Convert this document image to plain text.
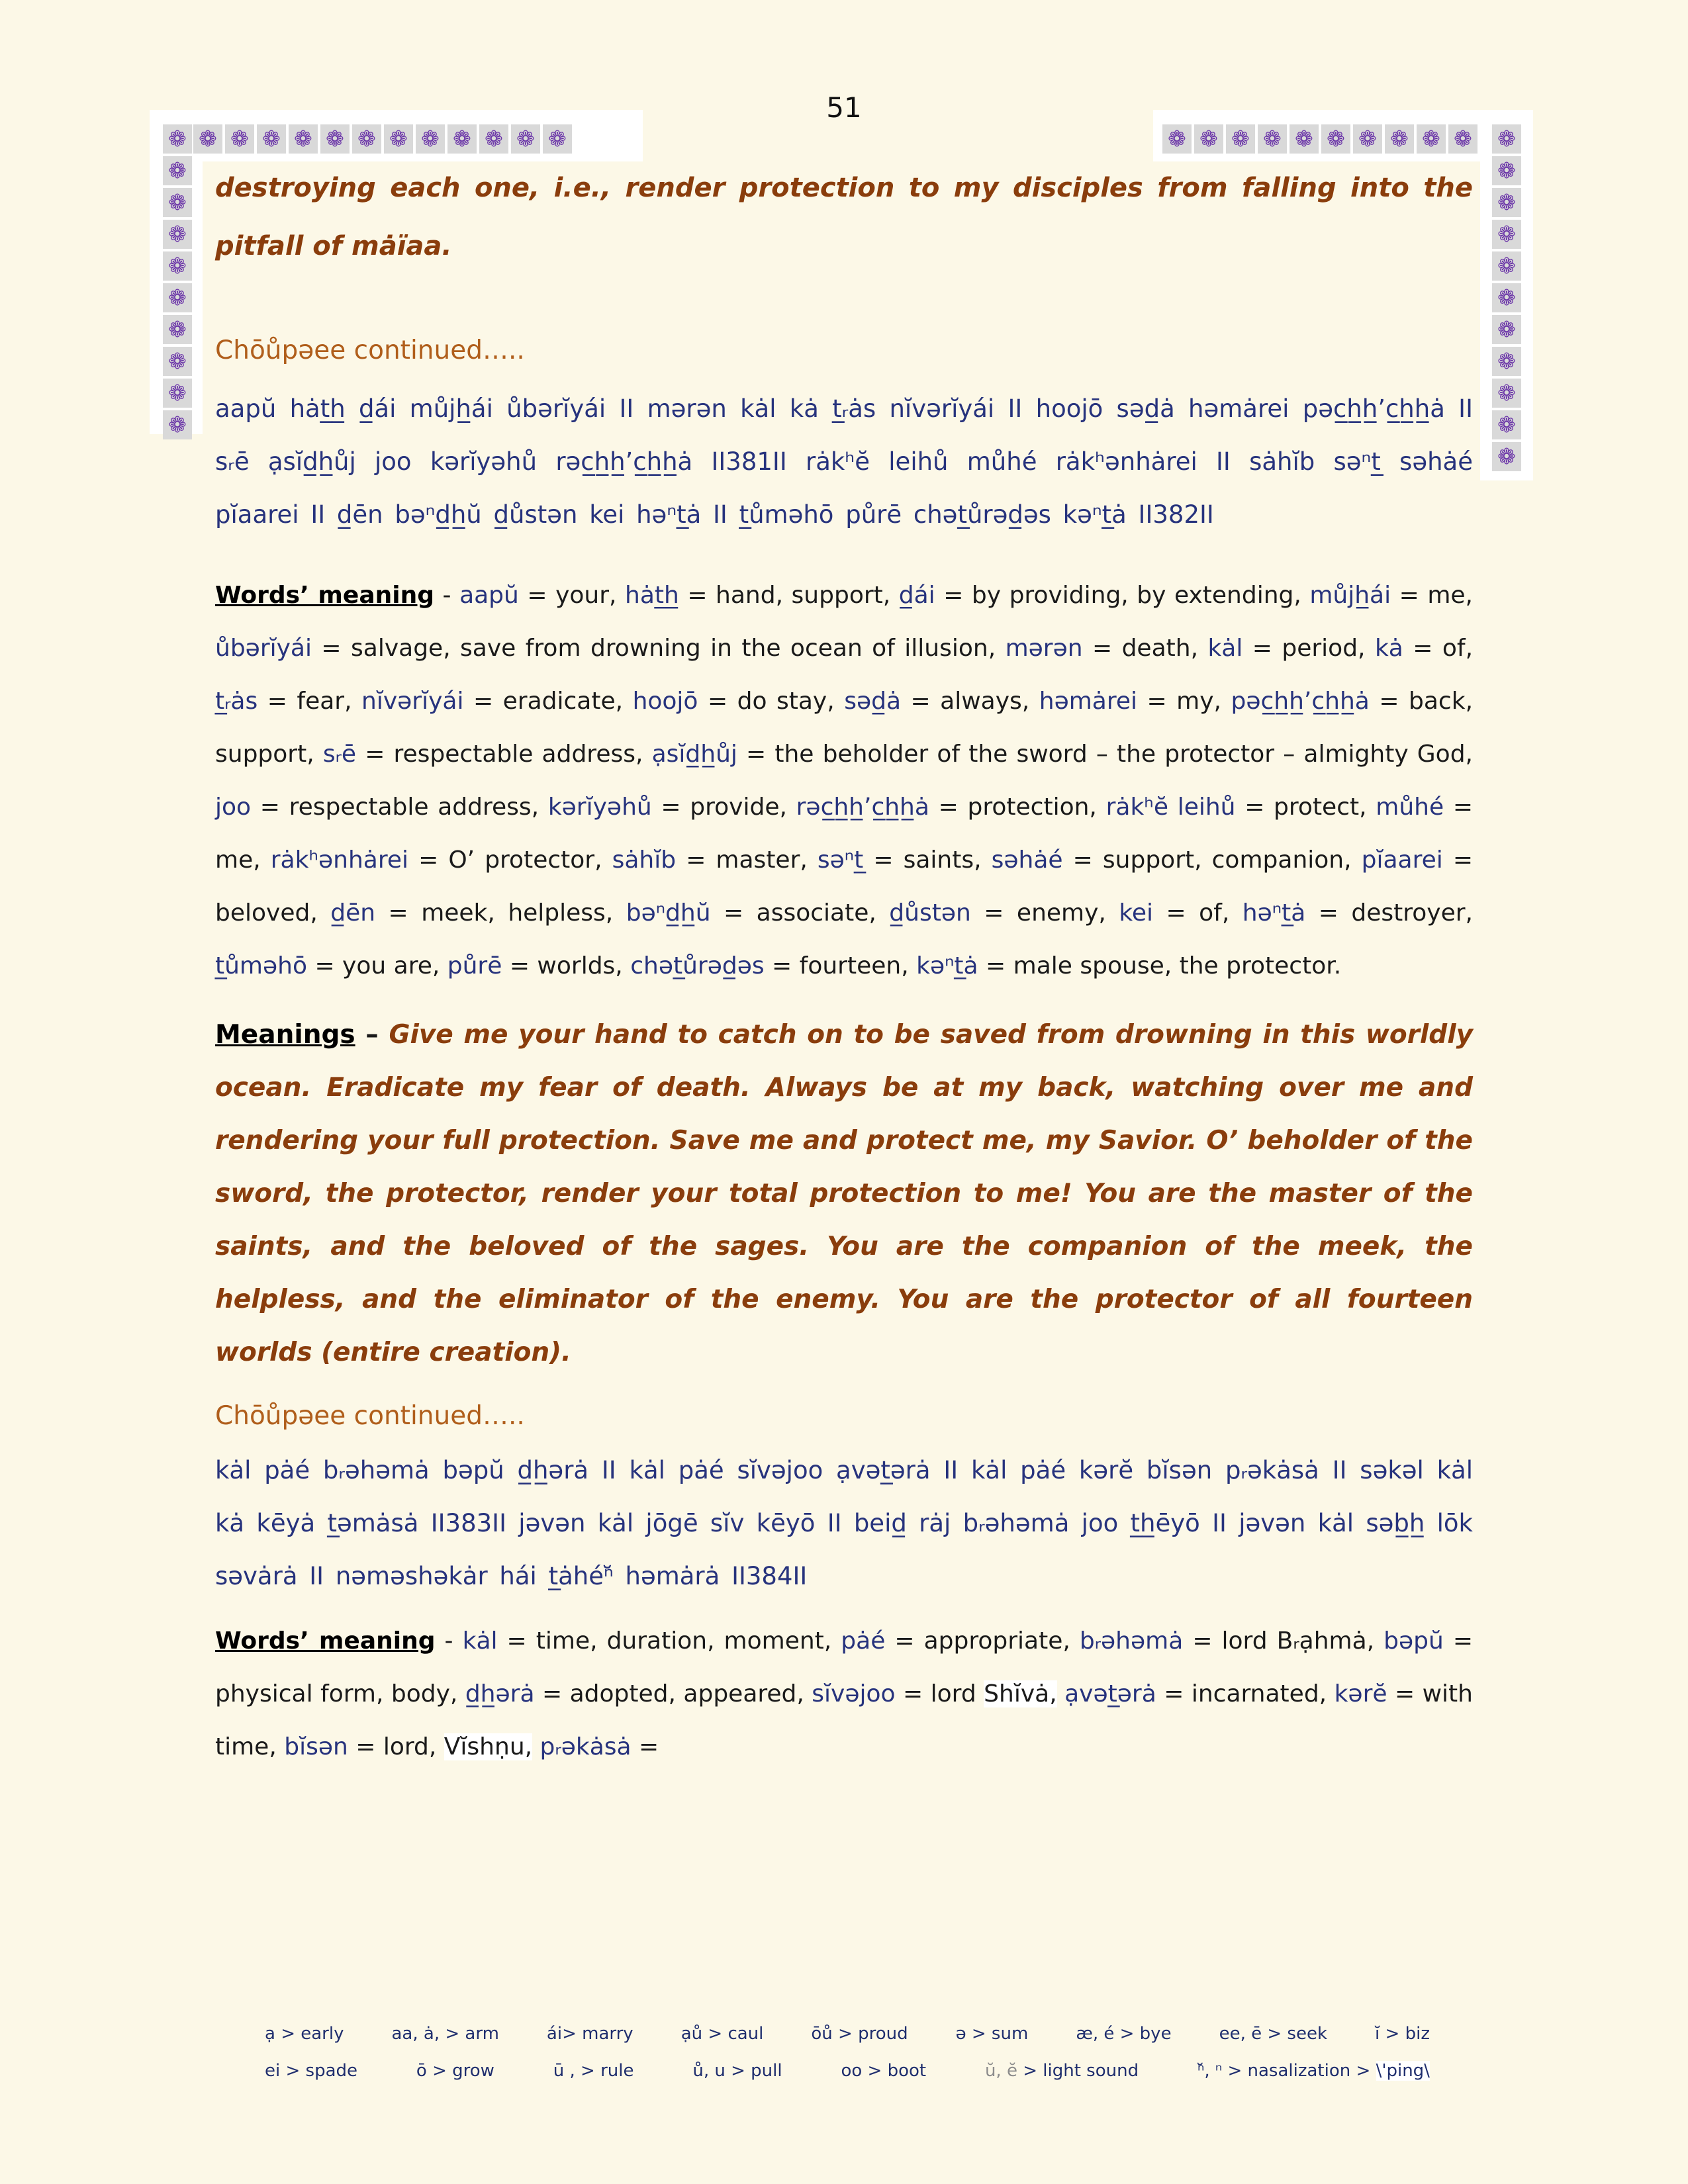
❁ ❁ ❁ ❁ ❁ ❁ ❁ ❁ ❁ ❁ ❁ ❁
❁
❁
❁
❁
❁
❁
❁
❁
❁
❁
❁ ❁ ❁ ❁ ❁ ❁ ❁ ❁ ❁ ❁ ❁
❁
❁
❁
❁
❁
❁
❁
❁
❁
❁
51

destroying each one, i.e., render protection to my disciples from falling into the pitfall of mȧïaa.

Chōůpəee continued…..

aapŭ hȧt̲h̲ d̲ái můjh̲ái ůbərĭyái II mərən kȧl kȧ t̲ᵣȧs nĭvərĭyái II hoojō səd̲ȧ həmȧrei pəc̲h̲h̲’c̲h̲h̲ȧ II sᵣē ạsĭd̲h̲ůj joo kərĭyəhů rəc̲h̲h̲’c̲h̲h̲ȧ II381II rȧkʰĕ leihů můhé rȧkʰənhȧrei II sȧhĭb səⁿt̲ səhȧé pĭaarei II d̲ēn bəⁿd̲h̲ŭ d̲ůstən kei həⁿt̲ȧ II t̲ůməhō půrē chət̲ůrəd̲əs kəⁿt̲ȧ II382II

Words’ meaning - aapŭ = your, hȧt̲h̲ = hand, support, d̲ái = by providing, by extending, můjh̲ái = me, ůbərĭyái = salvage, save from drowning in the ocean of illusion, mərən = death, kȧl = period, kȧ = of, t̲ᵣȧs = fear, nĭvərĭyái = eradicate, hoojō = do stay, səd̲ȧ = always, həmȧrei = my, pəc̲h̲h̲’c̲h̲h̲ȧ = back, support, sᵣē = respectable address, ạsĭd̲h̲ůj = the beholder of the sword – the protector – almighty God, joo = respectable address, kərĭyəhů = provide, rəc̲h̲h̲’c̲h̲h̲ȧ = protection, rȧkʰĕ leihů = protect, můhé = me, rȧkʰənhȧrei = O’ protector, sȧhĭb = master, səⁿt̲ = saints, səhȧé = support, companion, pĭaarei = beloved, d̲ēn = meek, helpless, bəⁿd̲h̲ŭ = associate, d̲ůstən = enemy, kei = of, həⁿt̲ȧ = destroyer, t̲ůməhō = you are, půrē = worlds, chət̲ůrəd̲əs = fourteen, kəⁿt̲ȧ = male spouse, the protector.

Meanings – Give me your hand to catch on to be saved from drowning in this worldly ocean. Eradicate my fear of death. Always be at my back, watching over me and rendering your full protection. Save me and protect me, my Savior. O’ beholder of the sword, the protector, render your total protection to me! You are the master of the saints, and the beloved of the sages. You are the companion of the meek, the helpless, and the eliminator of the enemy. You are the protector of all fourteen worlds (entire creation).

Chōůpəee continued…..

kȧl pȧé bᵣəhəmȧ bəpŭ d̲h̲ərȧ II kȧl pȧé sĭvəjoo ạvət̲ərȧ II kȧl pȧé kərĕ bĭsən pᵣəkȧsȧ II səkəl kȧl kȧ kēyȧ t̲əmȧsȧ II383II jəvən kȧl jōgē sĭv kēyō II beid̲ rȧj bᵣəhəmȧ joo t̲h̲ēyō II jəvən kȧl səb̲h̲ lōk səvȧrȧ II nəməshəkȧr hái t̲ȧhéⁿ̆ həmȧrȧ II384II

Words’ meaning - kȧl = time, duration, moment, pȧé = appropriate, bᵣəhəmȧ = lord Bᵣạhmȧ, bəpŭ = physical form, body, d̲h̲ərȧ = adopted, appeared, sĭvəjoo = lord Shĭvȧ, ạvət̲ərȧ = incarnated, kərĕ = with time, bĭsən = lord, Vĭshṇu, pᵣəkȧsȧ =

ạ > early	aa, ȧ, > arm	ái> marry	ạů > caul	ōů > proud	ə > sum	æ, é > bye	ee, ē > seek	ĭ > biz
ei > spade	ō > grow	ū , > rule	ů, u > pull	oo > boot	ŭ, ĕ > light sound	ⁿ̆, ⁿ > nasalization > \'ping\
